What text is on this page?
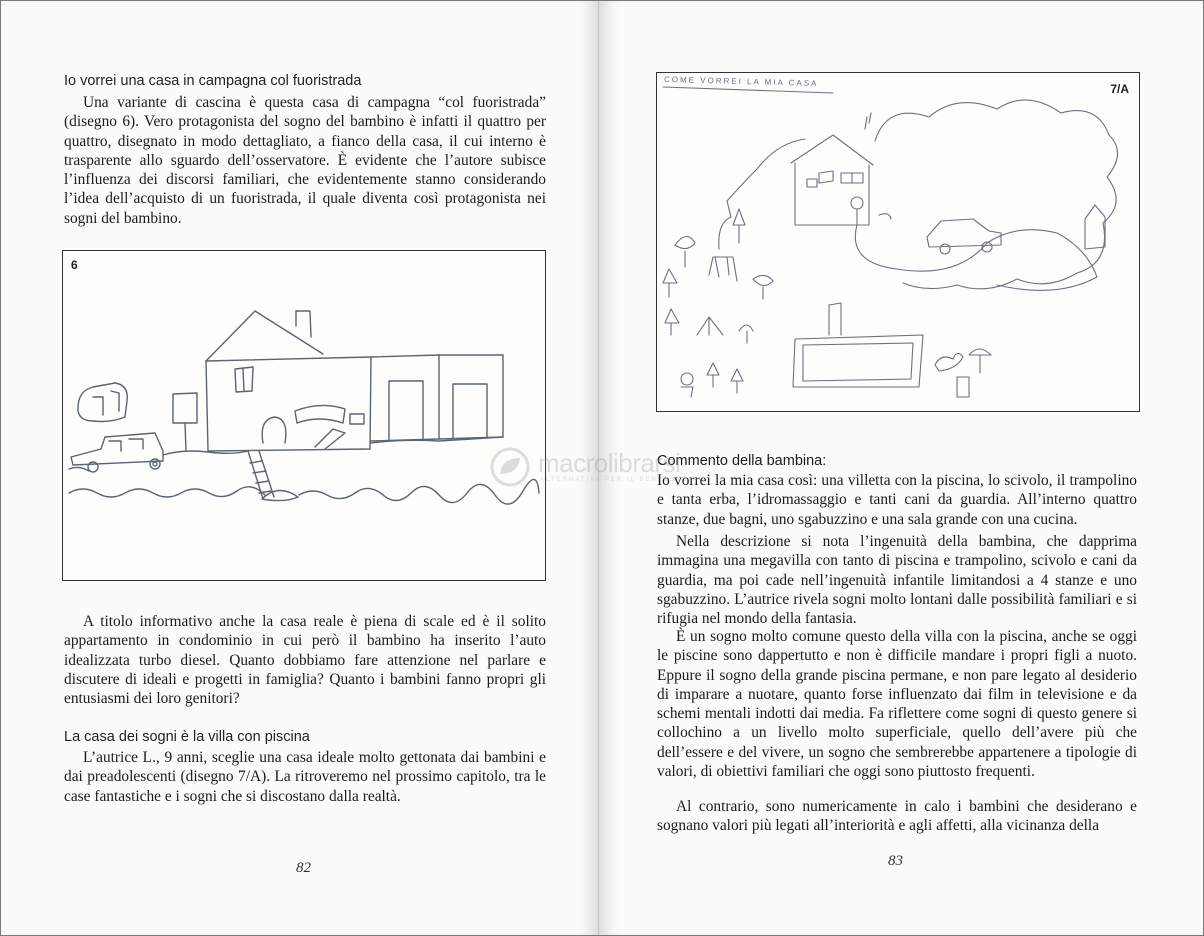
Io vorrei una casa in campagna col fuoristrada

Una variante di cascina è questa casa di campagna “col fuoristrada” (disegno 6). Vero protagonista del sogno del bambino è infatti il quattro per quattro, disegnato in modo dettagliato, a fianco della casa, il cui interno è trasparente allo sguardo dell’osservatore. È evidente che l’autore subisce l’influenza dei discorsi familiari, che evidentemente stanno considerando l’idea dell’acquisto di un fuoristrada, il quale diventa così protagonista nei sogni del bambino.

6

A titolo informativo anche la casa reale è piena di scale ed è il solito appartamento in condominio in cui però il bambino ha inserito l’auto idealizzata turbo diesel. Quanto dobbiamo fare attenzione nel parlare e discutere di ideali e progetti in famiglia? Quanto i bambini fanno propri gli entusiasmi dei loro genitori?

La casa dei sogni è la villa con piscina

L’autrice L., 9 anni, sceglie una casa ideale molto gettonata dai bambini e dai preadolescenti (disegno 7/A). La ritroveremo nel prossimo capitolo, tra le case fantastiche e i sogni che si discostano dalla realtà.

82
7/A
COME VORREI LA MIA CASA
Commento della bambina:

Io vorrei la mia casa così: una villetta con la piscina, lo scivolo, il trampolino e tanta erba, l’idromassaggio e tanti cani da guardia. All’interno quattro stanze, due bagni, uno sgabuzzino e una sala grande con una cucina.

Nella descrizione si nota l’ingenuità della bambina, che dapprima immagina una megavilla con tanto di piscina e trampolino, scivolo e cani da guardia, ma poi cade nell’ingenuità infantile limitandosi a 4 stanze e uno sgabuzzino. L’autrice rivela sogni molto lontani dalle possibilità familiari e si rifugia nel mondo della fantasia.

È un sogno molto comune questo della villa con la piscina, anche se oggi le piscine sono dappertutto e non è difficile mandare i propri figli a nuoto. Eppure il sogno della grande piscina permane, e non pare legato al desiderio di imparare a nuotare, quanto forse influenzato dai film in televisione e da schemi mentali indotti dai media. Fa riflettere come sogni di questo genere si collochino a un livello molto superficiale, quello dell’avere più che dell’essere e del vivere, un sogno che sembrerebbe appartenere a tipologie di valori, di obiettivi familiari che oggi sono piuttosto frequenti.

Al contrario, sono numericamente in calo i bambini che desiderano e sognano valori più legati all’interiorità e agli affetti, alla vicinanza della

83
macrolibrarsi
ALTERNATIVA PER IL BENESSERE
